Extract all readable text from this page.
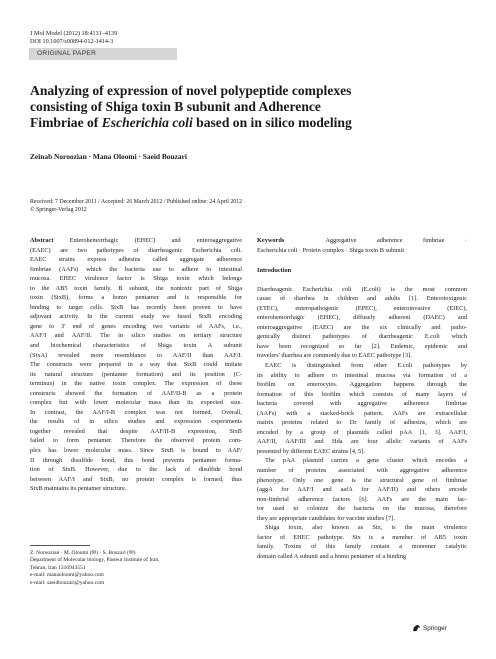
J Mol Model (2012) 18:4131–4139
DOI 10.1007/s00894-012-1414-3
ORIGINAL PAPER

Analyzing of expression of novel polypeptide complexes

consisting of Shiga toxin B subunit and Adherence

Fimbriae of Escherichia coli based on in silico modeling

Zeinab Noroozian · Mana Oloomi · Saeid Bouzari
Received: 7 December 2011 / Accepted: 26 March 2012 / Published online: 24 April 2012
© Springer-Verlag 2012

Abstract Enterohemorrhagic (EHEC) and enteroaggregative
(EAEC) are two pathotypes of diarrheagenic Escherichia coli.
EAEC strains express adhesins called aggregate adherence
fimbriae (AAFs) which the bacteria use to adhere to intestinal
mucosa. EHEC virulence factor is Shiga toxin which belongs
to the AB5 toxin family. B subunit, the nontoxic part of Shiga
toxin (StxB), forms a homo pentamer and is responsible for
binding to target cells. StxB has recently been proven to have
adjuvant activity. In the current study we fused StxB encoding
gene to 3' end of genes encoding two variants of AAFs, i.e.,
AAF/I and AAF/II. The in silico studies on tertiary structure
and biochemical characteristics of Shiga toxin A subunit
(StxA) revealed more resemblance to AAF/II than AAF/I.
The constructs were prepared in a way that StxB could imitate
its natural structure (pentamer formation) and its position (C-
terminus) in the native toxin complex. The expression of these
constructs showed the formation of AAF/II-B as a protein
complex but with lower molecular mass than its expected size.
In contrast, the AAF/I-B complex was not formed. Overall,
the results of in silico studies and expression experiments
together revealed that despite AAF/II-B expression, StxB
failed to form pentamer. Therefore the observed protein com-
plex has lower molecular mass. Since StxB is bound to AAF/
II through disulfide bond, this bond prevents pentamer forma-
tion of StxB. However, due to the lack of disulfide bond
between AAF/I and StxB, no protein complex is formed, thus
StxB maintains its pentamer structure.

Keywords	Aggregative adherence fimbriae ·
Escherichia coli · Protein complex · Shiga toxin B subunit

Introduction

Diarrheagenic Escherichia coli (E.coli) is the most common
cause of diarrhea in children and adults [1]. Enterotoxigenic
(ETEC), enteropathogenic (EPEC), enteroinvasive (EIEC),
enterohemorrhagic (EHEC), diffusely adherent (DAEC) and
enteroaggregative (EAEC) are the six clinically and patho-
genically distinct pathotypes of diarrheagenic E.coli which
have been recognized so far [2]. Endemic, epidemic and
travelers' diarrhea are commonly due to EAEC pathotype [3].

EAEC is distinguished from other E.coli pathotypes by
its ability to adhere to intestinal mucosa via formation of a
biofilm on enterocytes. Aggregation happens through the
formation of this biofilm which consists of many layers of
bacteria covered with aggregative adherence fimbriae
(AAFs) with a stacked-brick pattern. AAFs are extracellular
matrix proteins related to Dr family of adhesins, which are
encoded by a group of plasmids called pAA [1, 3]. AAF/I,
AAF/II, AAF/III and Hda are four allelic variants of AAFs
presented by different EAEC strains [4, 5].

The pAA plasmid carries a gene cluster which encodes a
number of proteins associated with aggregative adherence
phenotype. Only one gene is the structural gene of fimbriae
(aggA for AAF/I and aafA for AAF/II) and others encode
non-fimbrial adherence factors [6]. AAFs are the main fac-
tor used to colonize the bacteria on the mucosa, therefore
they are appropriate candidates for vaccine studies [7].

Shiga toxin, also known as Stx, is the main virulence
factor of EHEC pathotype. Stx is a member of AB5 toxin
family. Toxins of this family contain a monomer catalytic
domain called A subunit and a homo pentamer of a binding

Z. Noroozian · M. Oloomi (✉) · S. Bouzari (✉)
Department of Molecular biology, Pasteur Institute of Iran,
Tehran, Iran 1316943551
e-mail: manaoloomi@yahoo.com
e-mail: saeidbouzari@yahoo.com
Springer
